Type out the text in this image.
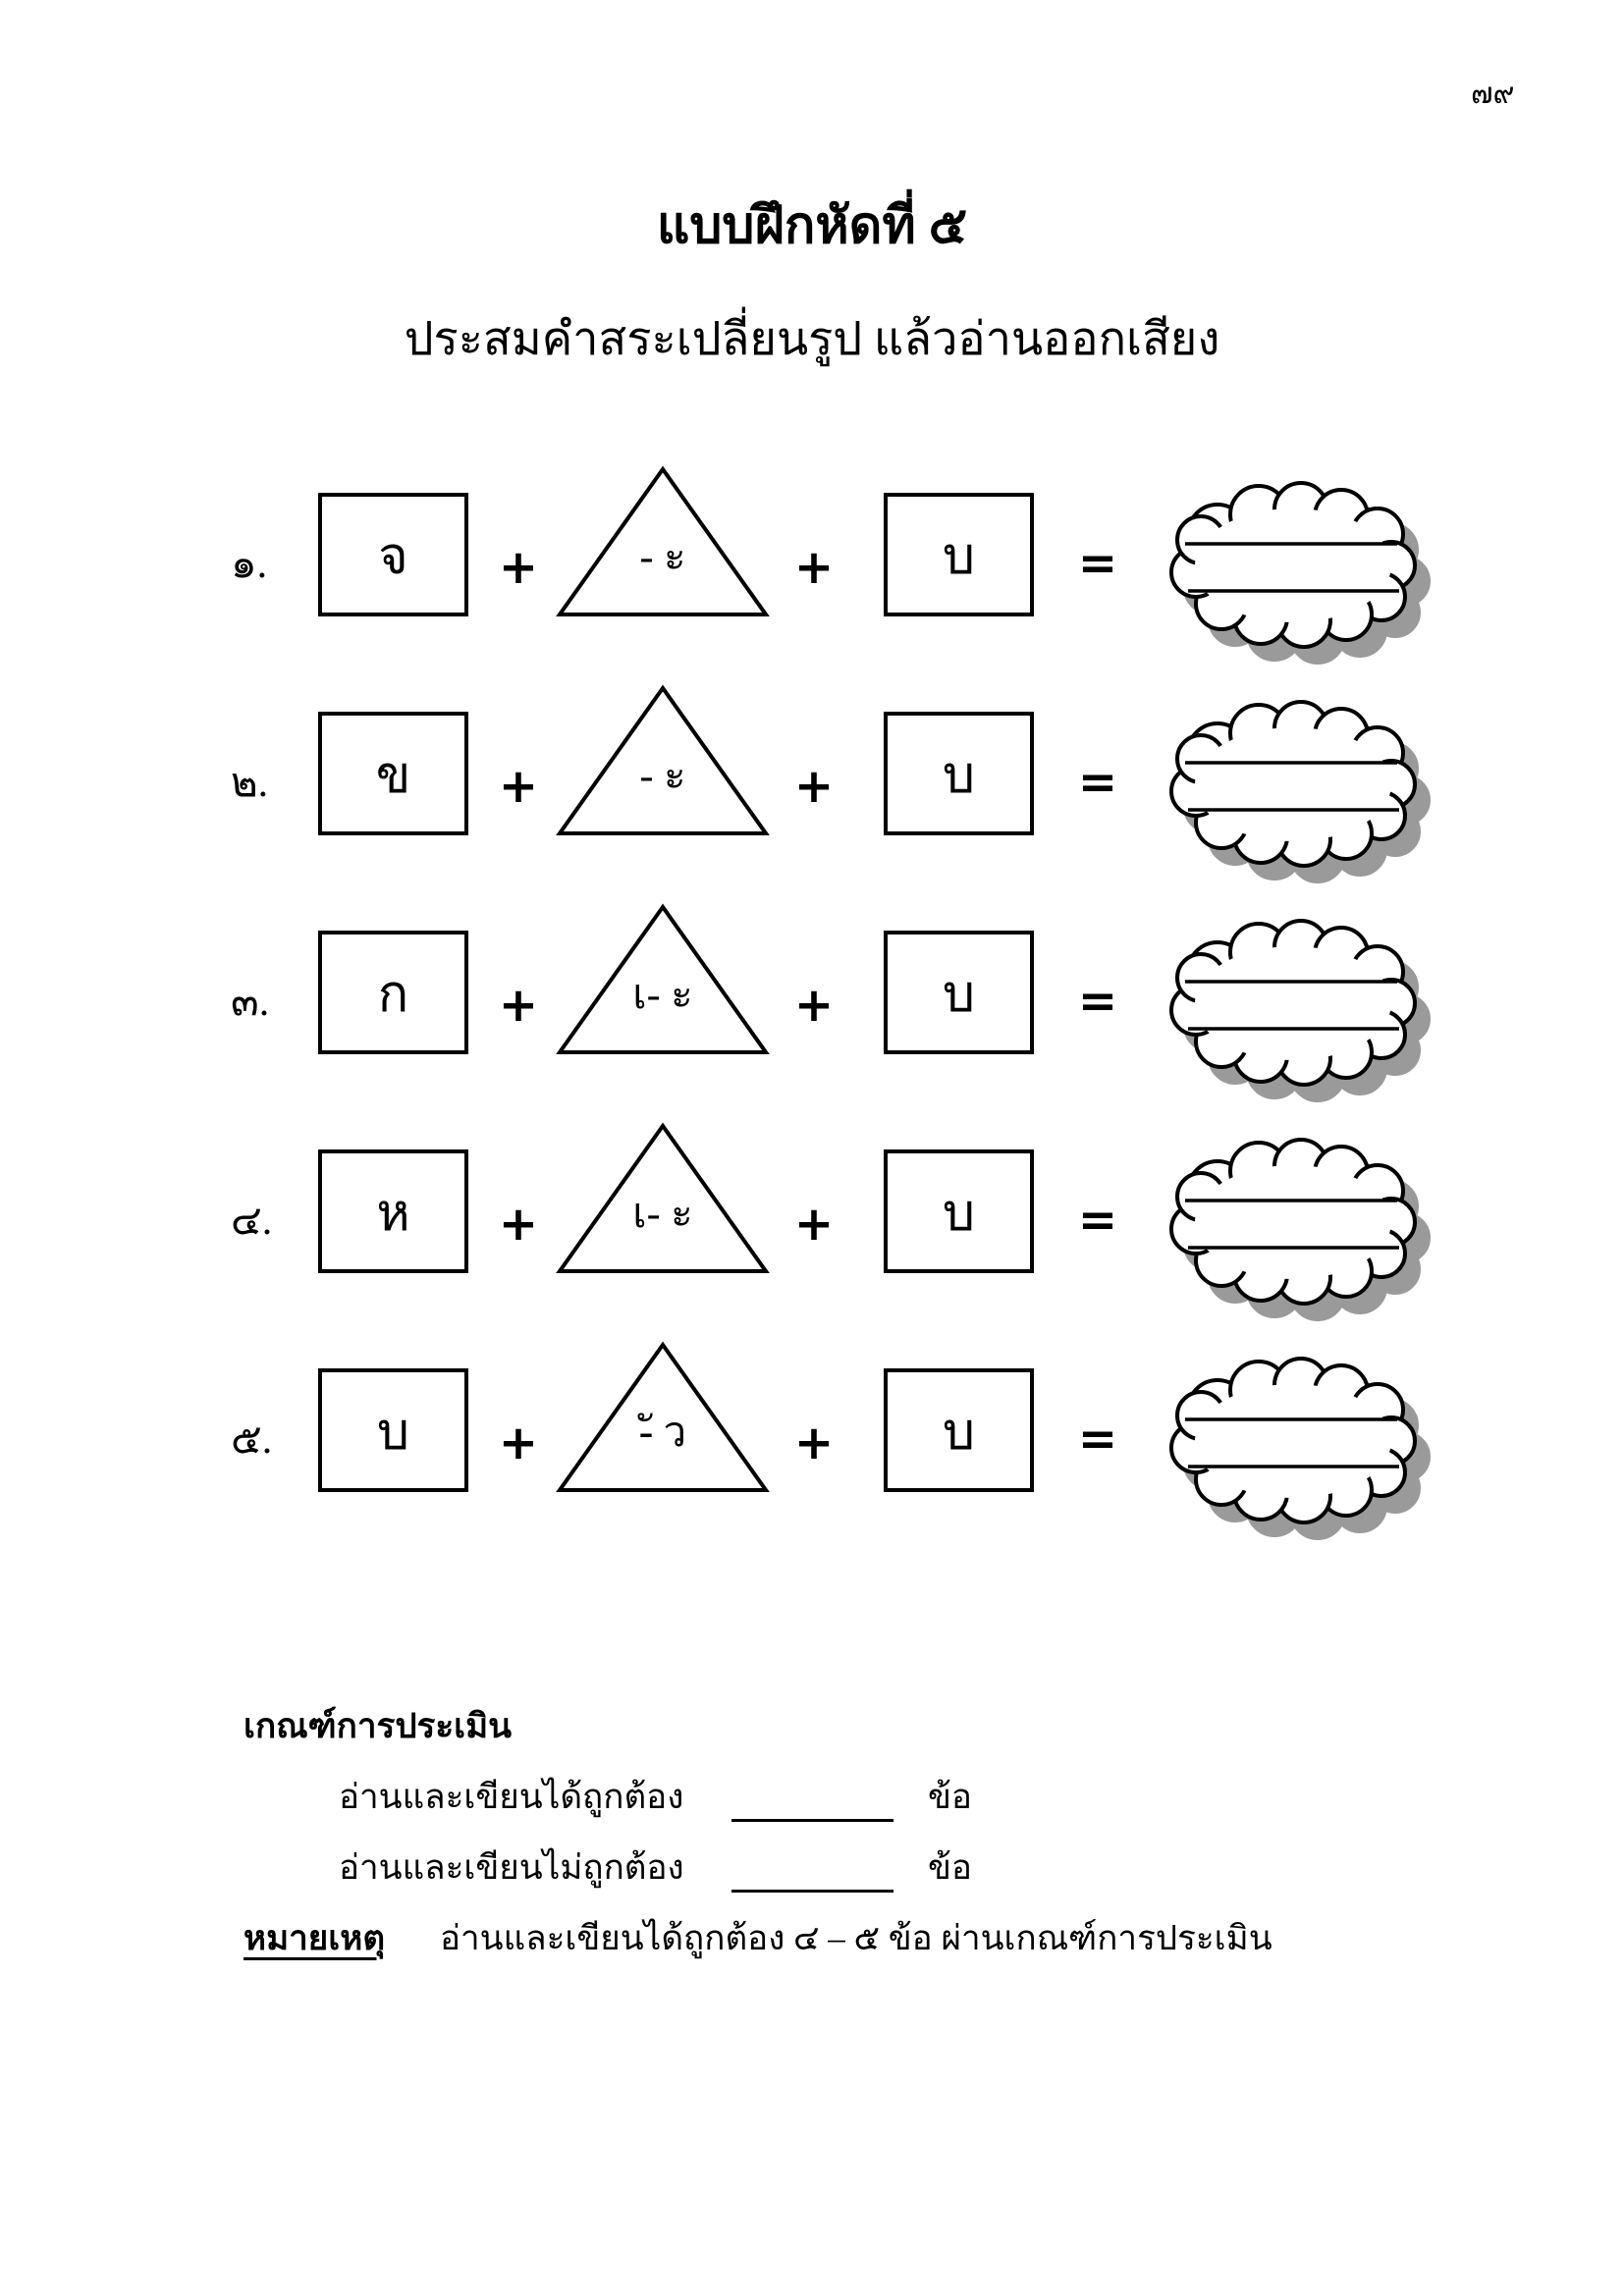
๗๙
แบบฝึกหัดที่ ๕
ประสมคำสระเปลี่ยนรูป แล้วอ่านออกเสียง
๑. จ +	- ะ	+ บ =
๒. ข +	- ะ	+ บ =
๓. ก +	เ- ะ	+ บ =
๔. ห +	เ- ะ	+ บ =
๕. บ +	-ั ว	+ บ =
เกณฑ์การประเมิน
อ่านและเขียนได้ถูกต้อง	ข้อ
อ่านและเขียนไม่ถูกต้อง	ข้อ
หมายเหตุ อ่านและเขียนได้ถูกต้อง ๔ – ๕ ข้อ ผ่านเกณฑ์การประเมิน
